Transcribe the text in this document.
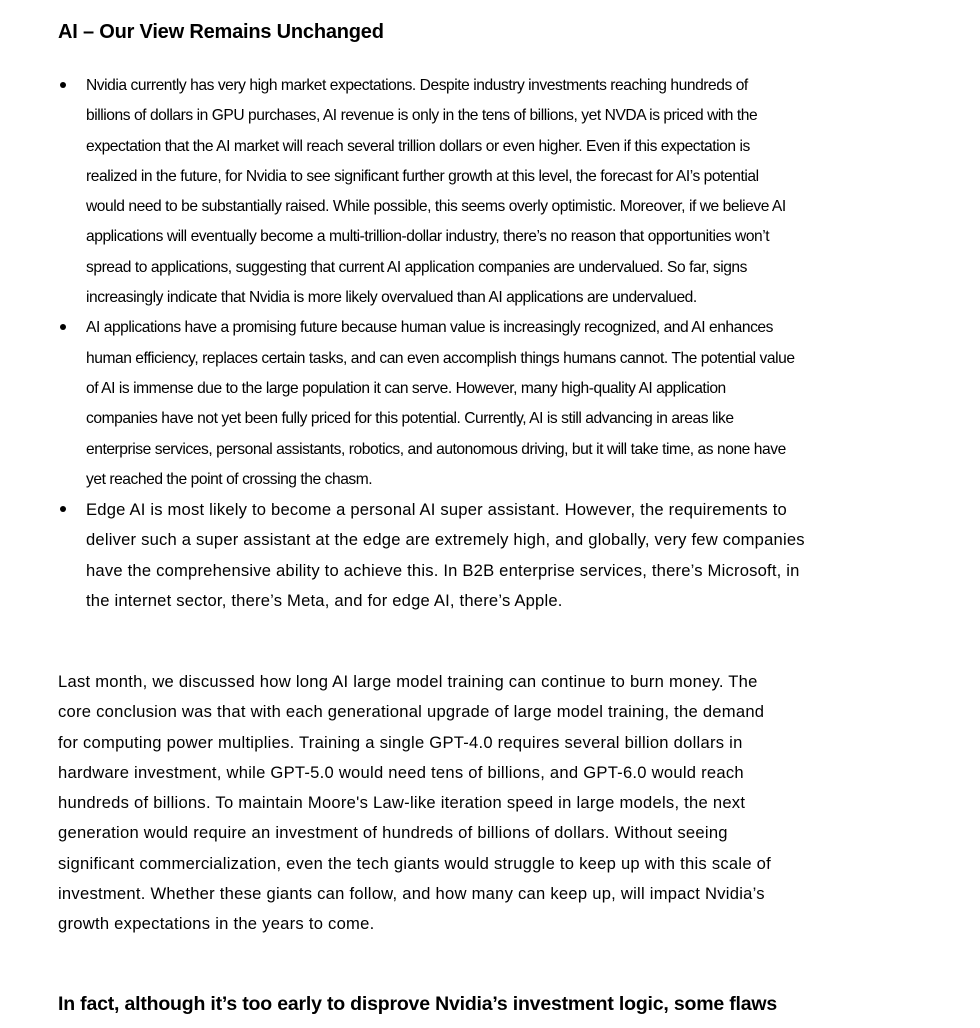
AI – Our View Remains Unchanged
Nvidia currently has very high market expectations. Despite industry investments reaching hundreds of
billions of dollars in GPU purchases, AI revenue is only in the tens of billions, yet NVDA is priced with the
expectation that the AI market will reach several trillion dollars or even higher. Even if this expectation is
realized in the future, for Nvidia to see significant further growth at this level, the forecast for AI’s potential
would need to be substantially raised. While possible, this seems overly optimistic. Moreover, if we believe AI
applications will eventually become a multi-trillion-dollar industry, there’s no reason that opportunities won’t
spread to applications, suggesting that current AI application companies are undervalued. So far, signs
increasingly indicate that Nvidia is more likely overvalued than AI applications are undervalued.
AI applications have a promising future because human value is increasingly recognized, and AI enhances
human efficiency, replaces certain tasks, and can even accomplish things humans cannot. The potential value
of AI is immense due to the large population it can serve. However, many high-quality AI application
companies have not yet been fully priced for this potential. Currently, AI is still advancing in areas like
enterprise services, personal assistants, robotics, and autonomous driving, but it will take time, as none have
yet reached the point of crossing the chasm.
Edge AI is most likely to become a personal AI super assistant. However, the requirements to
deliver such a super assistant at the edge are extremely high, and globally, very few companies
have the comprehensive ability to achieve this. In B2B enterprise services, there’s Microsoft, in
the internet sector, there’s Meta, and for edge AI, there’s Apple.
Last month, we discussed how long AI large model training can continue to burn money. The
core conclusion was that with each generational upgrade of large model training, the demand
for computing power multiplies. Training a single GPT-4.0 requires several billion dollars in
hardware investment, while GPT-5.0 would need tens of billions, and GPT-6.0 would reach
hundreds of billions. To maintain Moore's Law-like iteration speed in large models, the next
generation would require an investment of hundreds of billions of dollars. Without seeing
significant commercialization, even the tech giants would struggle to keep up with this scale of
investment. Whether these giants can follow, and how many can keep up, will impact Nvidia’s
growth expectations in the years to come.
In fact, although it’s too early to disprove Nvidia’s investment logic, some flaws
